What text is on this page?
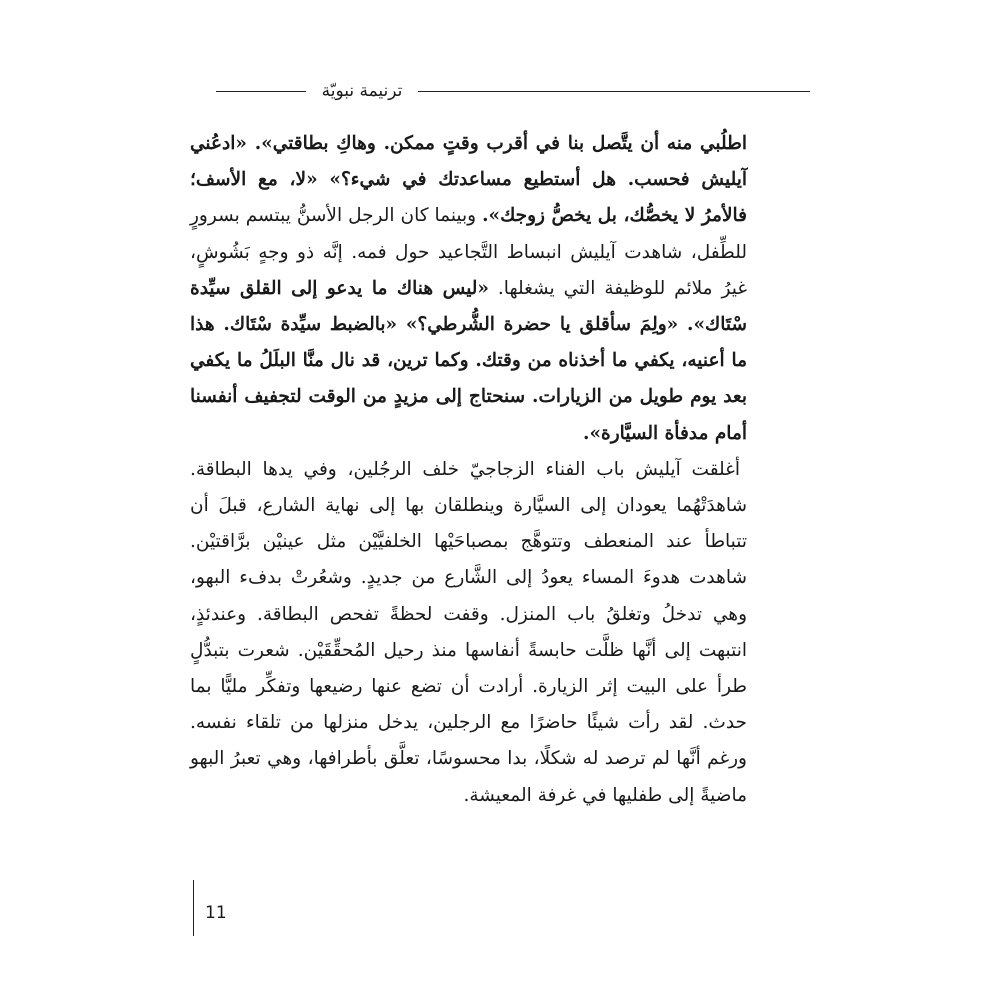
ترنيمة نبويّة

اطلُبي منه أن يتَّصل بنا في أقرب وقتٍ ممكن. وهاكِ بطاقتي». «ادعُني آيليش فحسب. هل أستطيع مساعدتك في شيء؟» «لا، مع الأسف؛ فالأمرُ لا يخصُّك، بل يخصُّ زوجك». وبينما كان الرجل الأسنُّ يبتسم بسرورٍ للطِّفل، شاهدت آيليش انبساط التَّجاعيد حول فمه. إنَّه ذو وجهٍ بَشُوشٍ، غيرُ ملائم للوظيفة التي يشغلها. «ليس هناك ما يدعو إلى القلق سيِّدة سْتَاك». «ولِمَ سأقلق يا حضرة الشُّرطي؟» «بالضبط سيِّدة سْتَاك. هذا ما أعنيه، يكفي ما أخذناه من وقتك. وكما ترين، قد نال منَّا البلَلُ ما يكفي بعد يوم طويل من الزيارات. سنحتاج إلى مزيدٍ من الوقت لتجفيف أنفسنا أمام مدفأة السيَّارة».

أغلقت آيليش باب الفناء الزجاجيّ خلف الرجُلين، وفي يدها البطاقة. شاهدَتْهُما يعودان إلى السيَّارة وينطلقان بها إلى نهاية الشارع، قبلَ أن تتباطأ عند المنعطف وتتوهَّج بمصباحَيْها الخلفيَّيْن مثل عينيْن برَّاقتيْن. شاهدت هدوءَ المساء يعودُ إلى الشَّارع من جديدٍ. وشعُرتْ بدفء البهو، وهي تدخلُ وتغلقُ باب المنزل. وقفت لحظةً تفحص البطاقة. وعندئذٍ، انتبهت إلى أنَّها ظلَّت حابسةً أنفاسها منذ رحيل المُحقِّقَيْن. شعرت بتبدُّلٍ طرأ على البيت إثر الزيارة. أرادت أن تضع عنها رضيعها وتفكِّر مليًّا بما حدث. لقد رأت شيئًا حاضرًا مع الرجلين، يدخل منزلها من تلقاء نفسه. ورغم أنَّها لم ترصد له شكلًا، بدا محسوسًا، تعلَّق بأطرافها، وهي تعبرُ البهو ماضيةً إلى طفليها في غرفة المعيشة.

11
